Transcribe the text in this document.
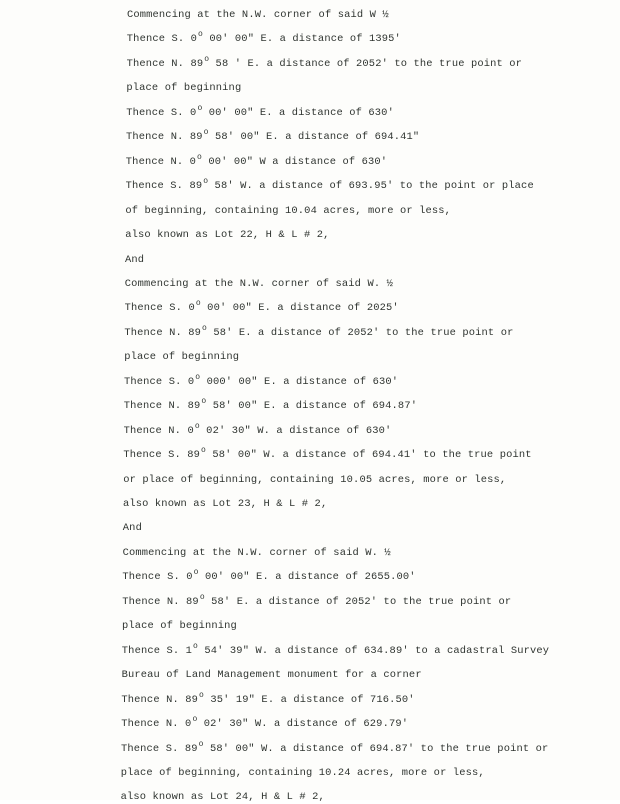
Commencing at the N.W. corner of said W ½
Thence S. 0$^o$ 00' 00" E. a distance of 1395'
Thence N. 89$^o$ 58 ' E. a distance of 2052' to the true point or
place of beginning
Thence S. 0$^o$ 00' 00" E. a distance of 630'
Thence N. 89$^o$ 58' 00" E. a distance of 694.41"
Thence N. 0$^o$ 00' 00" W a distance of 630'
Thence S. 89$^o$ 58' W. a distance of 693.95' to the point or place
of beginning, containing 10.04 acres, more or less,
also known as Lot 22, H & L # 2,
And
Commencing at the N.W. corner of said W. ½
Thence S. 0$^o$ 00' 00" E. a distance of 2025'
Thence N. 89$^o$ 58' E. a distance of 2052' to the true point or
place of beginning
Thence S. 0$^o$ 000' 00" E. a distance of 630'
Thence N. 89$^o$ 58' 00" E. a distance of 694.87'
Thence N. 0$^o$ 02' 30" W. a distance of 630'
Thence S. 89$^o$ 58' 00" W. a distance of 694.41' to the true point
or place of beginning, containing 10.05 acres, more or less,
also known as Lot 23, H & L # 2,
And
Commencing at the N.W. corner of said W. ½
Thence S. 0$^o$ 00' 00" E. a distance of 2655.00'
Thence N. 89$^o$ 58' E. a distance of 2052' to the true point or
place of beginning
Thence S. 1$^o$ 54' 39" W. a distance of 634.89' to a cadastral Survey
Bureau of Land Management monument for a corner
Thence N. 89$^o$ 35' 19" E. a distance of 716.50'
Thence N. 0$^o$ 02' 30" W. a distance of 629.79'
Thence S. 89$^o$ 58' 00" W. a distance of 694.87' to the true point or
place of beginning, containing 10.24 acres, more or less,
also known as Lot 24, H & L # 2,
